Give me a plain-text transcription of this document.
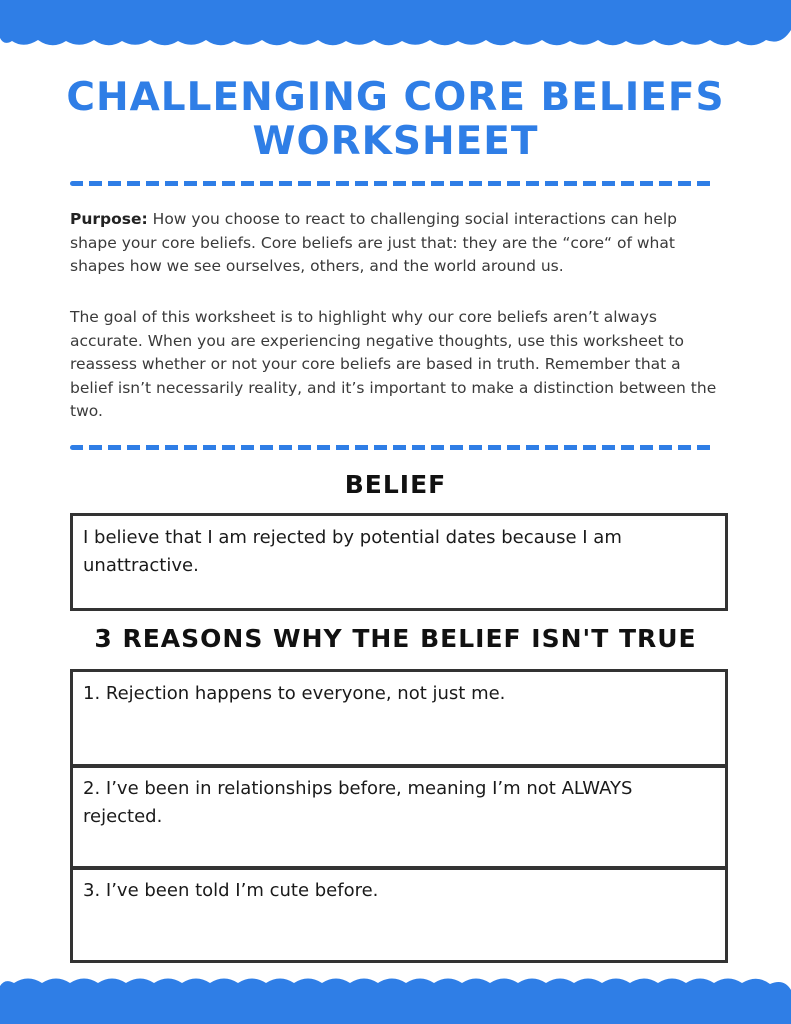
CHALLENGING CORE BELIEFS
WORKSHEET

Purpose: How you choose to react to challenging social interactions can help shape your core beliefs. Core beliefs are just that: they are the “core“ of what shapes how we see ourselves, others, and the world around us.

The goal of this worksheet is to highlight why our core beliefs aren’t always accurate. When you are experiencing negative thoughts, use this worksheet to reassess whether or not your core beliefs are based in truth. Remember that a belief isn’t necessarily reality, and it’s important to make a distinction between the two.

BELIEF
I believe that I am rejected by potential dates because I am unattractive.
3 REASONS WHY THE BELIEF ISN'T TRUE
1. Rejection happens to everyone, not just me.
2. I’ve been in relationships before, meaning I’m not ALWAYS rejected.
3. I’ve been told I’m cute before.
